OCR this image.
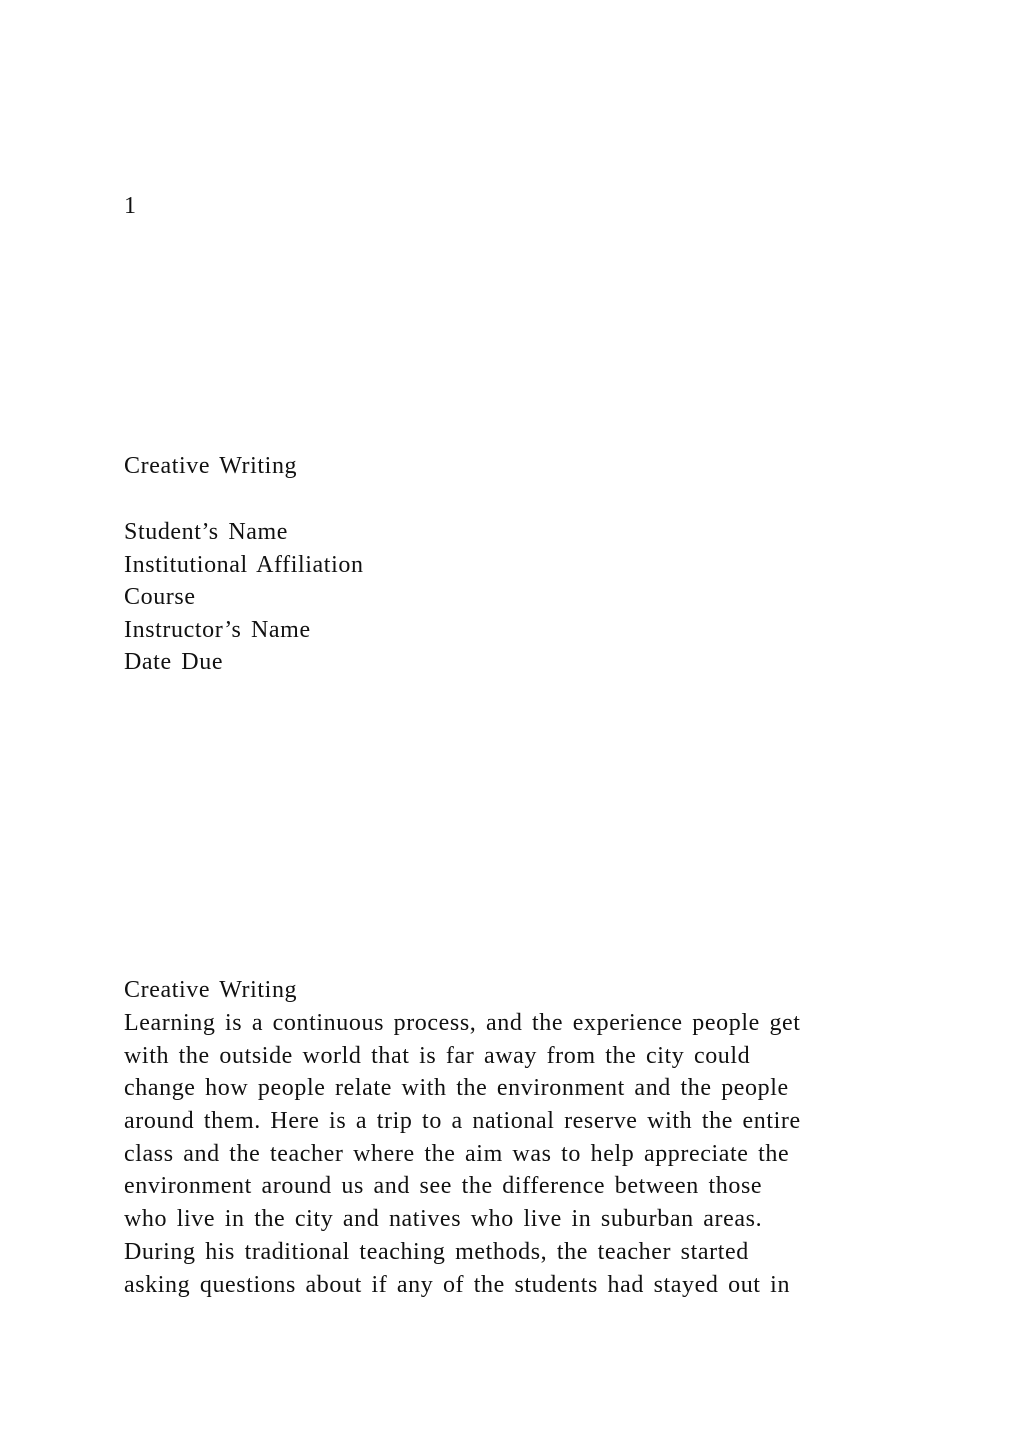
1
Creative Writing
Student’s Name
Institutional Affiliation
Course
Instructor’s Name
Date Due
Creative Writing
Learning is a continuous process, and the experience people get
with the outside world that is far away from the city could
change how people relate with the environment and the people
around them. Here is a trip to a national reserve with the entire
class and the teacher where the aim was to help appreciate the
environment around us and see the difference between those
who live in the city and natives who live in suburban areas.
During his traditional teaching methods, the teacher started
asking questions about if any of the students had stayed out in
